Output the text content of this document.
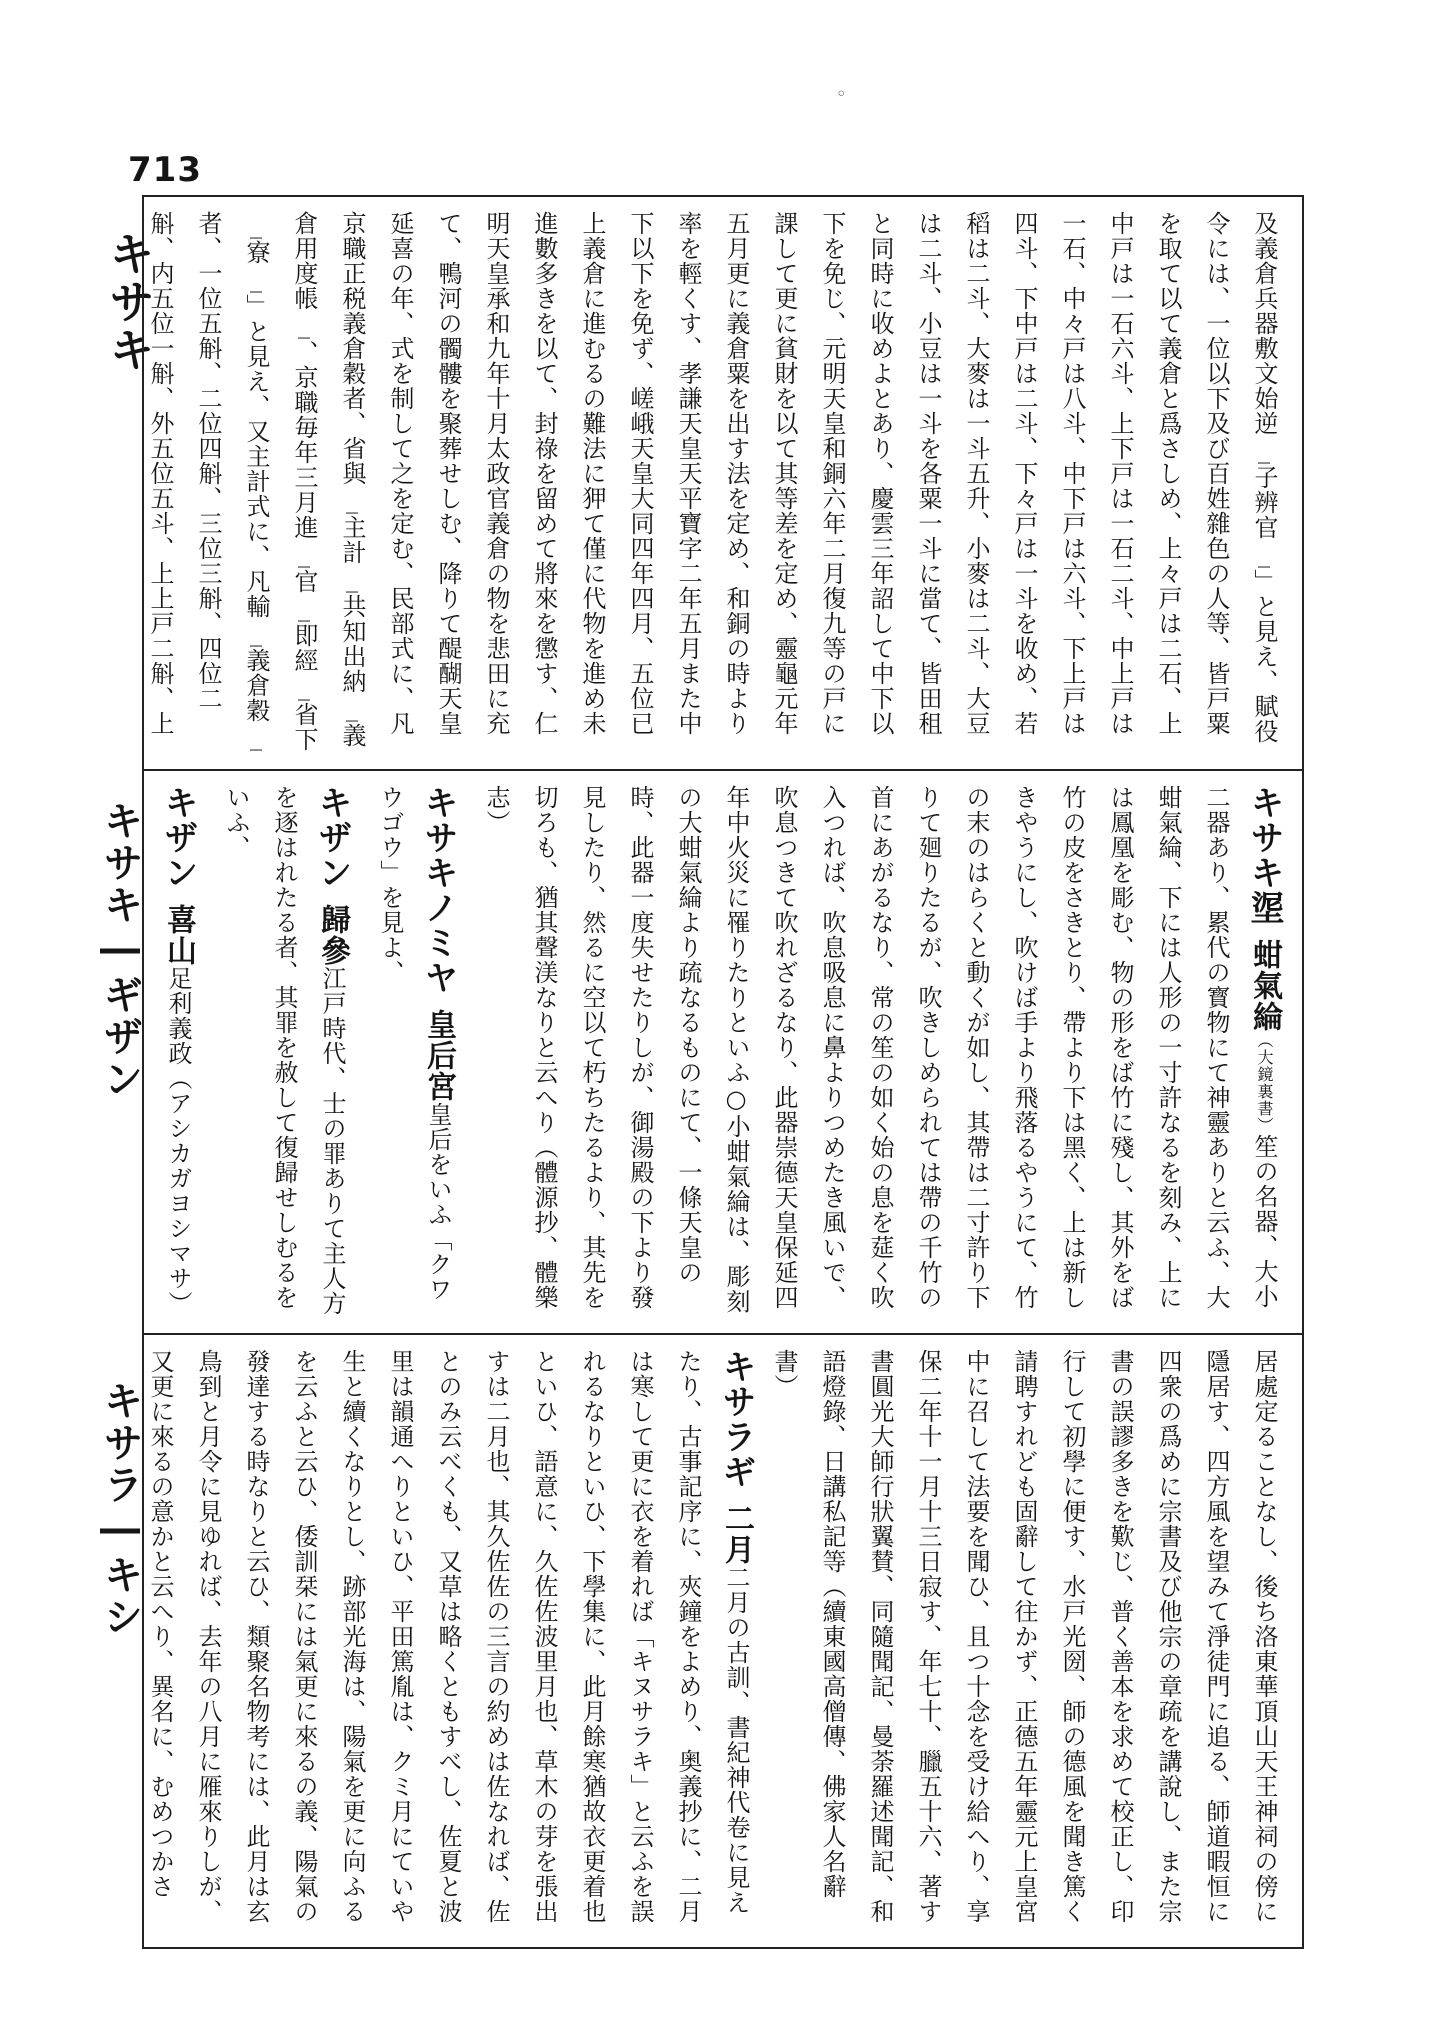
◦
713
キサキ
キサキ―ギザン
キサラ―キシ
及義倉兵器敷文始逆_子辨官_」と見え、賦役令には、一位以下及び百姓雜色の人等、皆戸粟を取て以て義倉と爲さしめ、上々戸は二石、上中戸は一石六斗、上下戸は一石二斗、中上戸は一石、中々戸は八斗、中下戸は六斗、下上戸は四斗、下中戸は二斗、下々戸は一斗を收め、若稻は二斗、大麥は一斗五升、小麥は二斗、大豆は二斗、小豆は一斗を各粟一斗に當て、皆田租と同時に收めよとあり、慶雲三年詔して中下以下を免じ、元明天皇和銅六年二月復九等の戸に課して更に貧財を以て其等差を定め、靈龜元年五月更に義倉粟を出す法を定め、和銅の時より率を輕くす、孝謙天皇天平寶字二年五月また中下以下を免ず、嵯峨天皇大同四年四月、五位已上義倉に進むるの難法に狎て僅に代物を進め未進數多きを以て、封祿を留めて將來を懲す、仁明天皇承和九年十月太政官義倉の物を悲田に充て、鴨河の髑髏を聚葬せしむ、降りて醍醐天皇延喜の年、式を制して之を定む、民部式に、凡京職正税義倉穀者、省與_主計_共知出納_義倉用度帳_、京職毎年三月進_官_即經_省下_寮_」と見え、又主計式に、凡輸_義倉穀_者、一位五斛、二位四斛、三位三斛、四位二斛、内五位一斛、外五位五斗、上上戸二斛、上
キサキ埿蚶氣綸（大鏡裏書）笙の名器、大小二器あり、累代の寳物にて神靈ありと云ふ、大蚶氣綸、下には人形の一寸許なるを刻み、上には鳳凰を彫む、物の形をば竹に殘し、其外をば竹の皮をさきとり、帶より下は黑く、上は新しきやうにし、吹けば手より飛落るやうにて、竹の末のはらくと動くが如し、其帶は二寸許り下りて廻りたるが、吹きしめられては帶の千竹の首にあがるなり、常の笙の如く始の息を莚く吹入つれば、吹息吸息に鼻よりつめたき風いで、吹息つきて吹れざるなり、此器崇德天皇保延四年中火災に罹りたりといふ○小蚶氣綸は、彫刻の大蚶氣綸より疏なるものにて、一條天皇の時、此器一度失せたりしが、御湯殿の下より發見したり、然るに空以て朽ちたるより、其先を切ろも、猶其聲渼なりと云へり（體源抄、體樂志）
キサキノミヤ皇后宮皇后をいふ「クワウゴウ」を見よ、
キザン歸參江戸時代、士の罪ありて主人方を逐はれたる者、其罪を赦して復歸せしむるをいふ、
キザン喜山足利義政（アシカガヨシマサ）
居處定ることなし、後ち洛東華頂山天王神祠の傍に隱居す、四方風を望みて淨徒門に追る、師道暇恒に四衆の爲めに宗書及び他宗の章疏を講說し、また宗書の誤謬多きを歎じ、普く善本を求めて校正し、印行して初學に便す、水戸光圀、師の德風を聞き篤く請聘すれども固辭して往かず、正德五年靈元上皇宮中に召して法要を聞ひ、且つ十念を受け給へり、享保二年十一月十三日寂す、年七十、臘五十六、著す書圓光大師行狀翼賛、同隨聞記、曼荼羅述聞記、和語燈錄、日講私記等（續東國高僧傳、佛家人名辭書）
キサラギ二月二月の古訓、書紀神代卷に見えたり、古事記序に、夾鐘をよめり、奥義抄に、二月は寒して更に衣を着れば「キヌサラキ」と云ふを誤れるなりといひ、下學集に、此月餘寒猶故衣更着也といひ、語意に、久佐佐波里月也、草木の芽を張出すは二月也、其久佐佐の三言の約めは佐なれば、佐とのみ云べくも、又草は略くともすべし、佐夏と波里は韻通へりといひ、平田篤胤は、クミ月にていや生と續くなりとし、跡部光海は、陽氣を更に向ふるを云ふと云ひ、倭訓栞には氣更に來るの義、陽氣の發達する時なりと云ひ、類聚名物考には、此月は玄鳥到と月令に見ゆれば、去年の八月に雁來りしが、又更に來るの意かと云へり、異名に、むめつかさ
